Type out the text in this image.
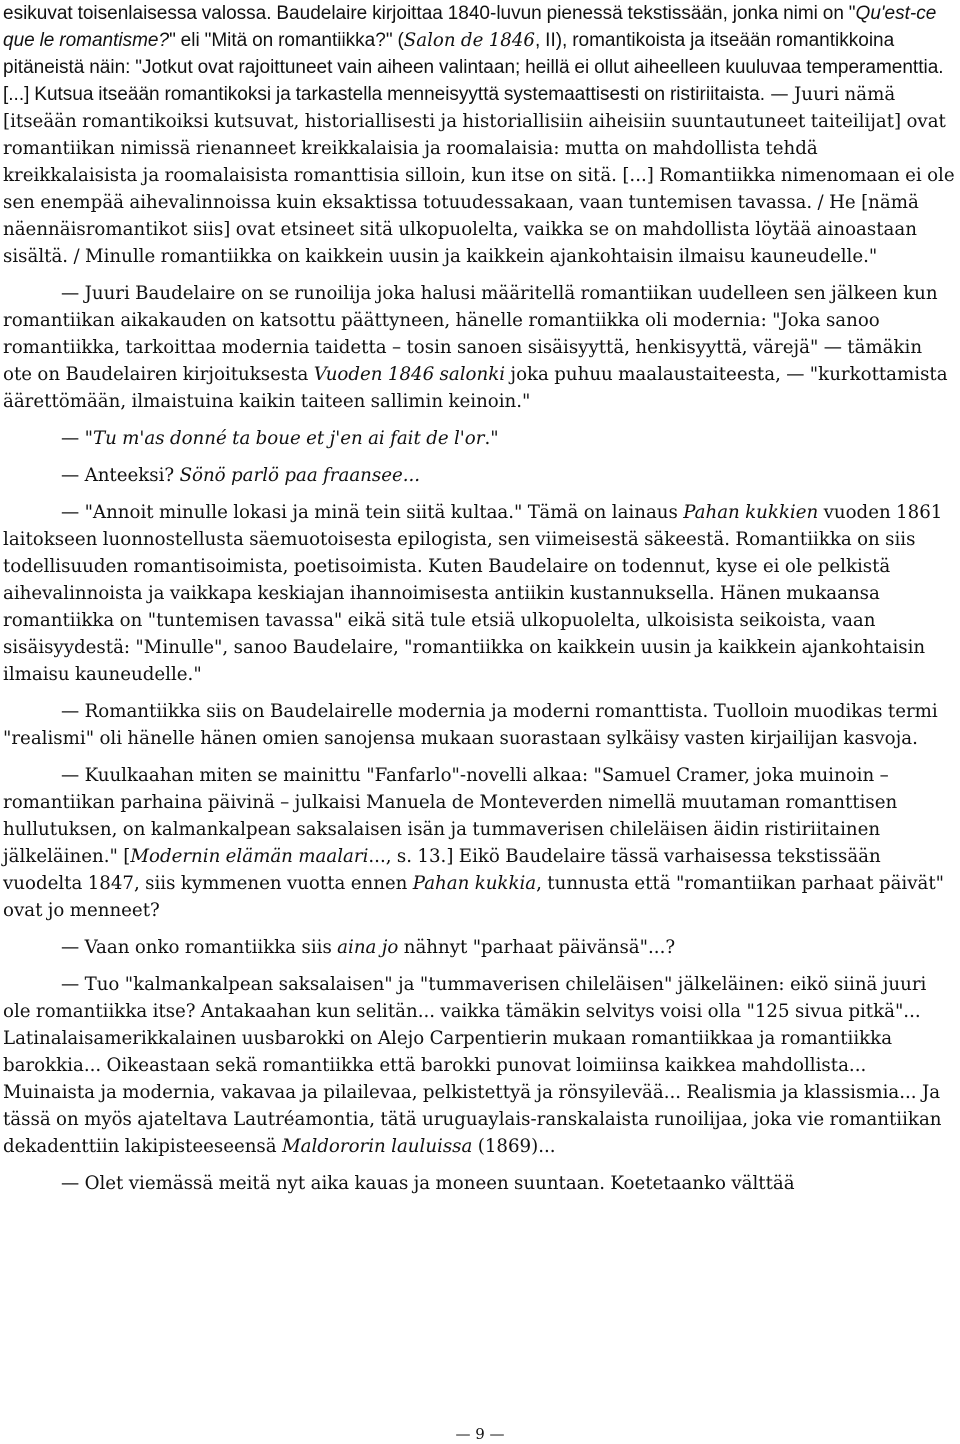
esikuvat toisenlaisessa valossa. Baudelaire kirjoittaa 1840-luvun pienessä tekstissään, jonka nimi on "Qu'est-ce que le romantisme?" eli "Mitä on romantiikka?" (Salon de 1846, II), romantikoista ja itseään romantikkoina pitäneistä näin: "Jotkut ovat rajoittuneet vain aiheen valintaan; heillä ei ollut aiheelleen kuuluvaa temperamenttia. [...] Kutsua itseään romantikoksi ja tarkastella menneisyyttä systemaattisesti on ristiriitaista. — Juuri nämä [itseään romantikoiksi kutsuvat, historiallisesti ja historiallisiin aiheisiin suuntautuneet taiteilijat] ovat romantiikan nimissä rienanneet kreikkalaisia ja roomalaisia: mutta on mahdollista tehdä kreikkalaisista ja roomalaisista romanttisia silloin, kun itse on sitä. [...] Romantiikka nimenomaan ei ole sen enempää aihevalinnoissa kuin eksaktissa totuudessakaan, vaan tuntemisen tavassa. / He [nämä näennäisromantikot siis] ovat etsineet sitä ulkopuolelta, vaikka se on mahdollista löytää ainoastaan sisältä. / Minulle romantiikka on kaikkein uusin ja kaikkein ajankohtaisin ilmaisu kauneudelle."

— Juuri Baudelaire on se runoilija joka halusi määritellä romantiikan uudelleen sen jälkeen kun romantiikan aikakauden on katsottu päättyneen, hänelle romantiikka oli modernia: "Joka sanoo romantiikka, tarkoittaa modernia taidetta – tosin sanoen sisäisyyttä, henkisyyttä, värejä" — tämäkin ote on Baudelairen kirjoituksesta Vuoden 1846 salonki joka puhuu maalaustaiteesta, — "kurkottamista äärettömään, ilmaistuina kaikin taiteen sallimin keinoin."

— "Tu m'as donné ta boue et j'en ai fait de l'or."

— Anteeksi? Sönö parlö paa fraansee...

— "Annoit minulle lokasi ja minä tein siitä kultaa." Tämä on lainaus Pahan kukkien vuoden 1861 laitokseen luonnostellusta säemuotoisesta epilogista, sen viimeisestä säkeestä. Romantiikka on siis todellisuuden romantisoimista, poetisoimista. Kuten Baudelaire on todennut, kyse ei ole pelkistä aihevalinnoista ja vaikkapa keskiajan ihannoimisesta antiikin kustannuksella. Hänen mukaansa romantiikka on "tuntemisen tavassa" eikä sitä tule etsiä ulkopuolelta, ulkoisista seikoista, vaan sisäisyydestä: "Minulle", sanoo Baudelaire, "romantiikka on kaikkein uusin ja kaikkein ajankohtaisin ilmaisu kauneudelle."

— Romantiikka siis on Baudelairelle modernia ja moderni romanttista. Tuolloin muodikas termi "realismi" oli hänelle hänen omien sanojensa mukaan suorastaan sylkäisy vasten kirjailijan kasvoja.

— Kuulkaahan miten se mainittu "Fanfarlo"-novelli alkaa: "Samuel Cramer, joka muinoin – romantiikan parhaina päivinä – julkaisi Manuela de Monteverden nimellä muutaman romanttisen hullutuksen, on kalmankalpean saksalaisen isän ja tummaverisen chileläisen äidin ristiriitainen jälkeläinen." [Modernin elämän maalari..., s. 13.] Eikö Baudelaire tässä varhaisessa tekstissään vuodelta 1847, siis kymmenen vuotta ennen Pahan kukkia, tunnusta että "romantiikan parhaat päivät" ovat jo menneet?

— Vaan onko romantiikka siis aina jo nähnyt "parhaat päivänsä"...?

— Tuo "kalmankalpean saksalaisen" ja "tummaverisen chileläisen" jälkeläinen: eikö siinä juuri ole romantiikka itse? Antakaahan kun selitän... vaikka tämäkin selvitys voisi olla "125 sivua pitkä"... Latinalaisamerikkalainen uusbarokki on Alejo Carpentierin mukaan romantiikkaa ja romantiikka barokkia... Oikeastaan sekä romantiikka että barokki punovat loimiinsa kaikkea mahdollista... Muinaista ja modernia, vakavaa ja pilailevaa, pelkistettyä ja rönsyilevää... Realismia ja klassismia... Ja tässä on myös ajateltava Lautréamontia, tätä uruguaylais-ranskalaista runoilijaa, joka vie romantiikan dekadenttiin lakipisteeseensä Maldororin lauluissa (1869)...

— Olet viemässä meitä nyt aika kauas ja moneen suuntaan. Koetetaanko välttää

— 9 —
